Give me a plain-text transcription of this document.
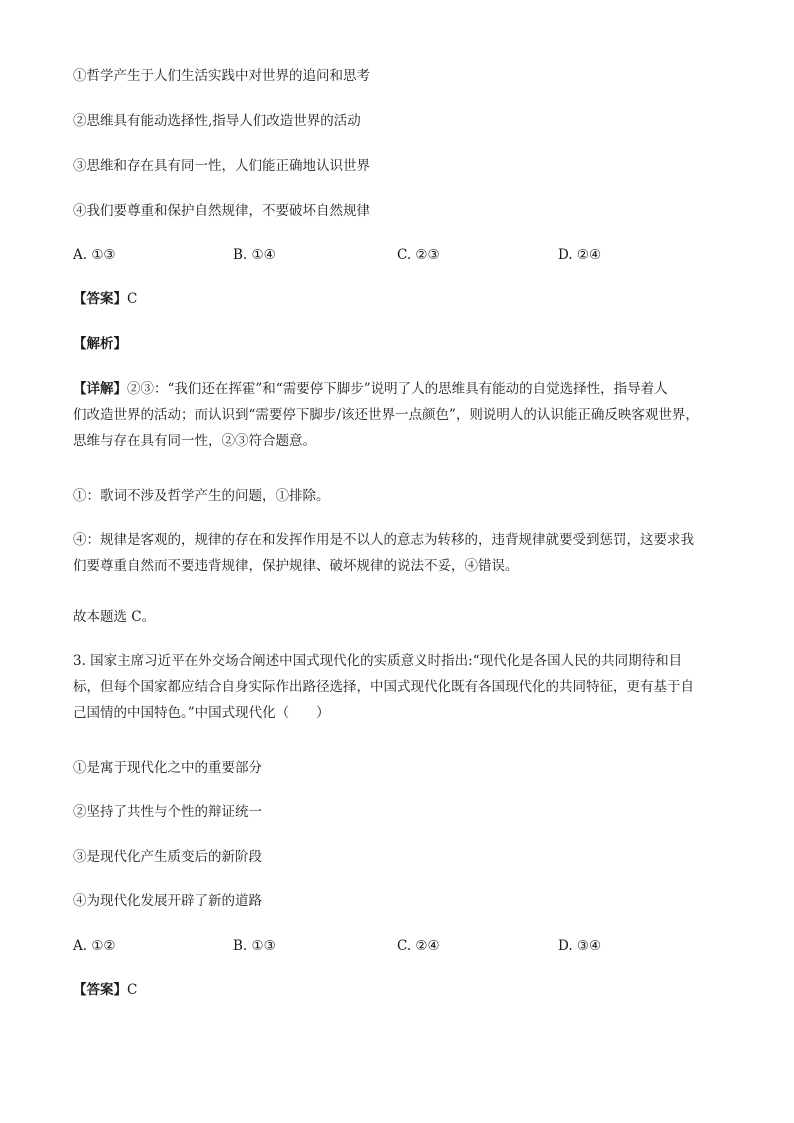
①哲学产生于人们生活实践中对世界的追问和思考
②思维具有能动选择性,指导人们改造世界的活动
③思维和存在具有同一性，人们能正确地认识世界
④我们要尊重和保护自然规律，不要破坏自然规律
A. ①③	B. ①④	C. ②③	D. ②④
【答案】C
【解析】

【详解】②③：“我们还在挥霍”和“需要停下脚步”说明了人的思维具有能动的自觉选择性，指导着人

们改造世界的活动；而认识到“需要停下脚步/该还世界一点颜色”，则说明人的认识能正确反映客观世界，

思维与存在具有同一性，②③符合题意。

①：歌词不涉及哲学产生的问题，①排除。

④：规律是客观的，规律的存在和发挥作用是不以人的意志为转移的，违背规律就要受到惩罚，这要求我

们要尊重自然而不要违背规律，保护规律、破坏规律的说法不妥，④错误。

故本题选 C。

3. 国家主席习近平在外交场合阐述中国式现代化的实质意义时指出:“现代化是各国人民的共同期待和目

标，但每个国家都应结合自身实际作出路径选择，中国式现代化既有各国现代化的共同特征，更有基于自

己国情的中国特色。”中国式现代化（　　）

①是寓于现代化之中的重要部分
②坚持了共性与个性的辩证统一
③是现代化产生质变后的新阶段
④为现代化发展开辟了新的道路
A. ①②	B. ①③	C. ②④	D. ③④
【答案】C
